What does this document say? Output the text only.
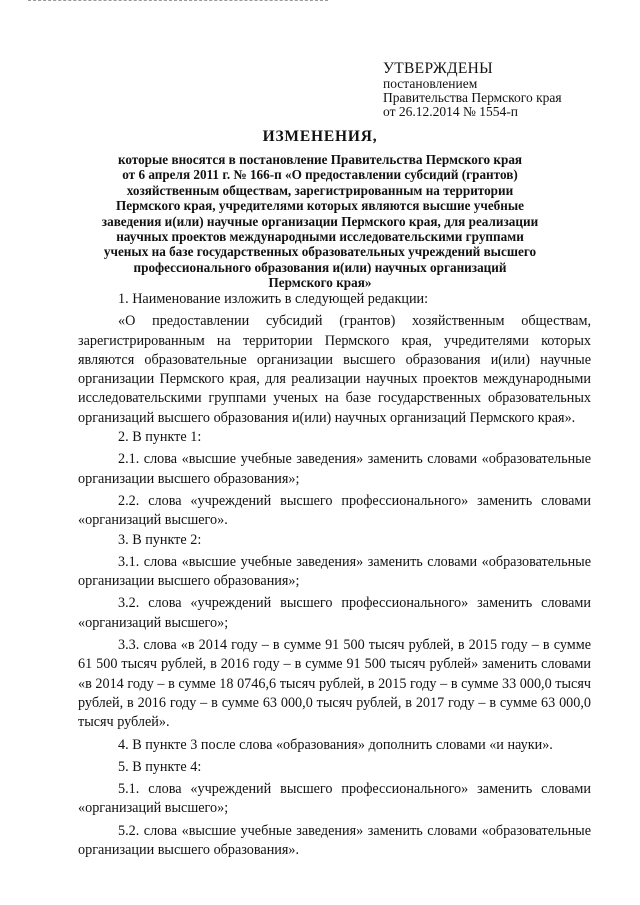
УТВЕРЖДЕНЫ
постановлением
Правительства Пермского края
от 26.12.2014 № 1554-п
ИЗМЕНЕНИЯ,
которые вносятся в постановление Правительства Пермского края
от 6 апреля 2011 г. № 166-п «О предоставлении субсидий (грантов)
хозяйственным обществам, зарегистрированным на территории
Пермского края, учредителями которых являются высшие учебные
заведения и(или) научные организации Пермского края, для реализации
научных проектов международными исследовательскими группами
ученых на базе государственных образовательных учреждений высшего
профессионального образования и(или) научных организаций
Пермского края»

1. Наименование изложить в следующей редакции:

«О предоставлении субсидий (грантов) хозяйственным обществам, зарегистрированным на территории Пермского края, учредителями которых являются образовательные организации высшего образования и(или) научные организации Пермского края, для реализации научных проектов международными исследовательскими группами ученых на базе государственных образовательных организаций высшего образования и(или) научных организаций Пермского края».

2. В пункте 1:

2.1. слова «высшие учебные заведения» заменить словами «образовательные организации высшего образования»;

2.2. слова «учреждений высшего профессионального» заменить словами «организаций высшего».

3. В пункте 2:

3.1. слова «высшие учебные заведения» заменить словами «образовательные организации высшего образования»;

3.2. слова «учреждений высшего профессионального» заменить словами «организаций высшего»;

3.3. слова «в 2014 году – в сумме 91 500 тысяч рублей, в 2015 году – в сумме 61 500 тысяч рублей, в 2016 году – в сумме 91 500 тысяч рублей» заменить словами «в 2014 году – в сумме 18 0746,6 тысяч рублей, в 2015 году – в сумме 33 000,0 тысяч рублей, в 2016 году – в сумме 63 000,0 тысяч рублей, в 2017 году – в сумме 63 000,0 тысяч рублей».

4. В пункте 3 после слова «образования» дополнить словами «и науки».

5. В пункте 4:

5.1. слова «учреждений высшего профессионального» заменить словами «организаций высшего»;

5.2. слова «высшие учебные заведения» заменить словами «образовательные организации высшего образования».
